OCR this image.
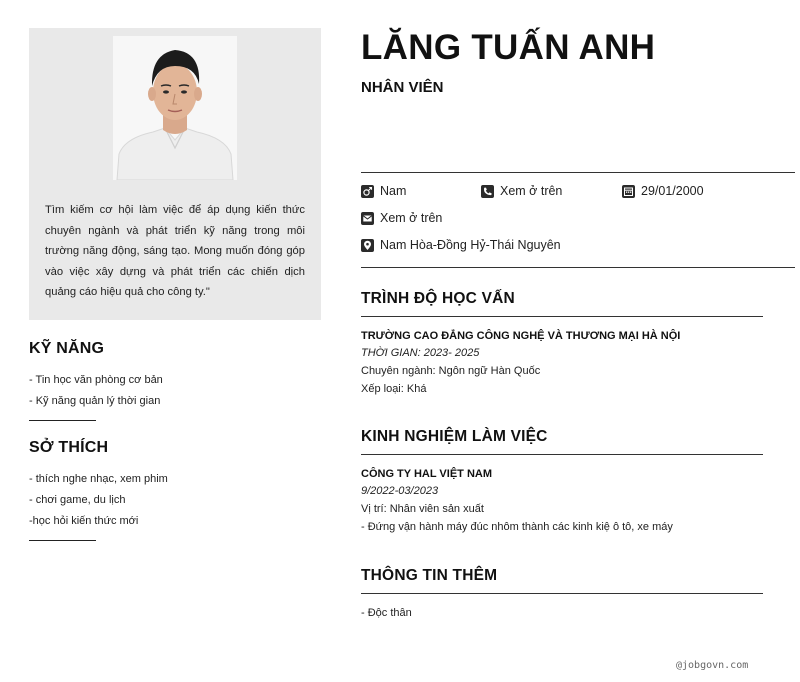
Tìm kiếm cơ hội làm việc để áp dụng kiến thức chuyên ngành và phát triển kỹ năng trong môi trường năng động, sáng tạo. Mong muốn đóng góp vào việc xây dựng và phát triển các chiến dịch quảng cáo hiệu quả cho công ty."

KỸ NĂNG
- Tin học văn phòng cơ bản
- Kỹ năng quản lý thời gian
SỞ THÍCH
- thích nghe nhạc, xem phim
- chơi game, du lịch
-học hỏi kiến thức mới
LĂNG TUẤN ANH
NHÂN VIÊN
Nam	Xem ở trên	29/01/2000
Xem ở trên
Nam Hòa-Đồng Hỷ-Thái Nguyên
TRÌNH ĐỘ HỌC VẤN
TRƯỜNG CAO ĐẲNG CÔNG NGHỆ VÀ THƯƠNG MẠI HÀ NỘI
THỜI GIAN: 2023- 2025
Chuyên ngành: Ngôn ngữ Hàn Quốc
Xếp loại: Khá
KINH NGHIỆM LÀM VIỆC
CÔNG TY HAL VIỆT NAM
9/2022-03/2023
Vị trí: Nhân viên sản xuất
- Đứng vận hành máy đúc nhôm thành các kinh kiệ ô tô, xe máy
THÔNG TIN THÊM
- Độc thân
@jobgovn.com
